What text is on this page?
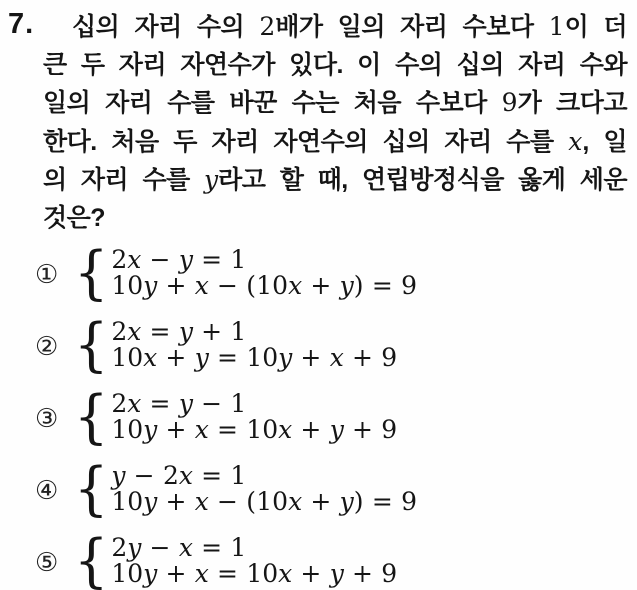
7.	십의 자리 수의 2배가 일의 자리 수보다 1이 더
큰 두 자리 자연수가 있다. 이 수의 십의 자리 수와
일의 자리 수를 바꾼 수는 처음 수보다 9가 크다고
한다. 처음 두 자리 자연수의 십의 자리 수를 x, 일
의 자리 수를 y라고 할 때, 연립방정식을 옳게 세운
것은?
① { 2x − y = 1
10y + x − (10x + y) = 9
② { 2x = y + 1
10x + y = 10y + x + 9
③ { 2x = y − 1
10y + x = 10x + y + 9
④ { y − 2x = 1
10y + x − (10x + y) = 9
⑤ { 2y − x = 1
10y + x = 10x + y + 9
